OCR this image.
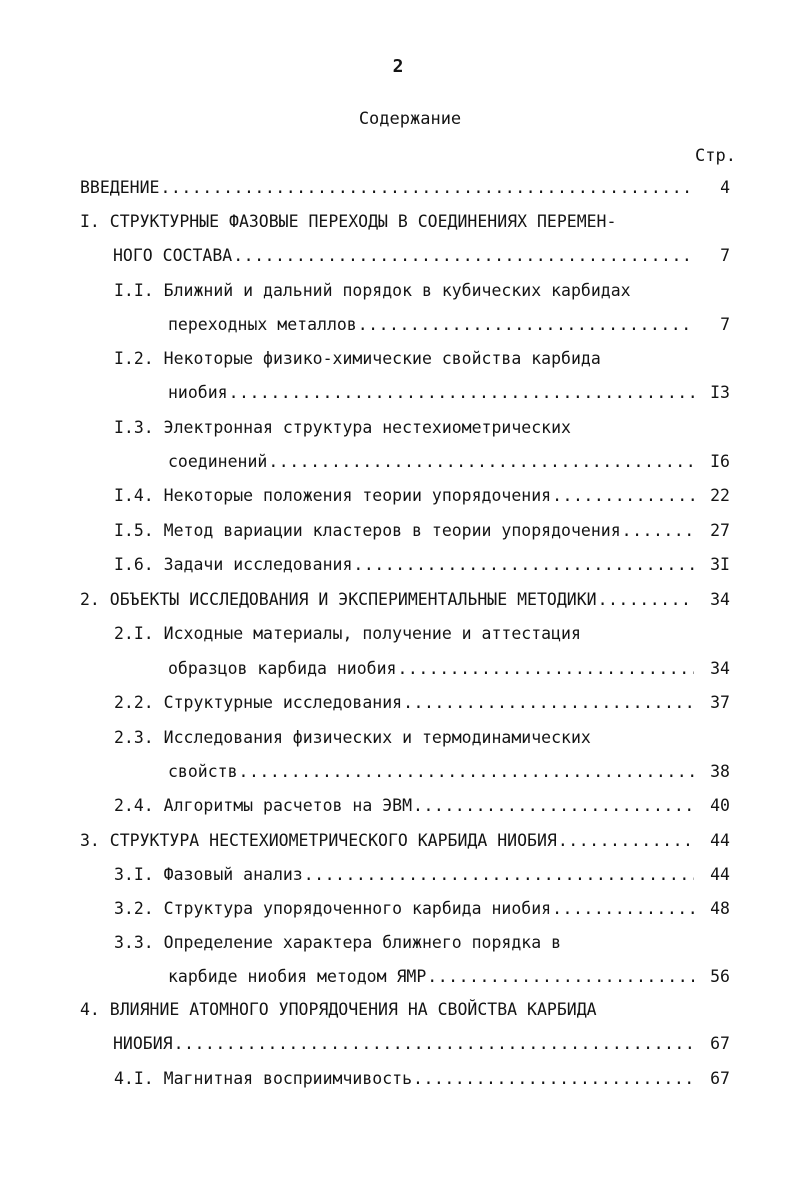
2
Содержание
Стр.
ВВЕДЕНИЕ .....	4
I. СТРУКТУРНЫЕ ФАЗОВЫЕ ПЕРЕХОДЫ В СОЕДИНЕНИЯХ ПЕРЕМЕН-
НОГО СОСТАВА .....	7
I.I. Ближний и дальний порядок в кубических карбидах
переходных металлов .....	7
I.2. Некоторые физико-химические свойства карбида
ниобия .....	I3
I.3. Электронная структура нестехиометрических
соединений .....	I6
I.4. Некоторые положения теории упорядочения .....	22
I.5. Метод вариации кластеров в теории упорядочения .....	27
I.6. Задачи исследования .....	3I
2. ОБЪЕКТЫ ИССЛЕДОВАНИЯ И ЭКСПЕРИМЕНТАЛЬНЫЕ МЕТОДИКИ .....	34
2.I. Исходные материалы, получение и аттестация
образцов карбида ниобия .....	34
2.2. Структурные исследования .....	37
2.3. Исследования физических и термодинамических
свойств .....	38
2.4. Алгоритмы расчетов на ЭВМ .....	40
3. СТРУКТУРА НЕСТЕХИОМЕТРИЧЕСКОГО КАРБИДА НИОБИЯ .....	44
3.I. Фазовый анализ .....	44
3.2. Структура упорядоченного карбида ниобия .....	48
3.3. Определение характера ближнего порядка в
карбиде ниобия методом ЯМР .....	56
4. ВЛИЯНИЕ АТОМНОГО УПОРЯДОЧЕНИЯ НА СВОЙСТВА КАРБИДА
НИОБИЯ .....	67
4.I. Магнитная восприимчивость .....	67
